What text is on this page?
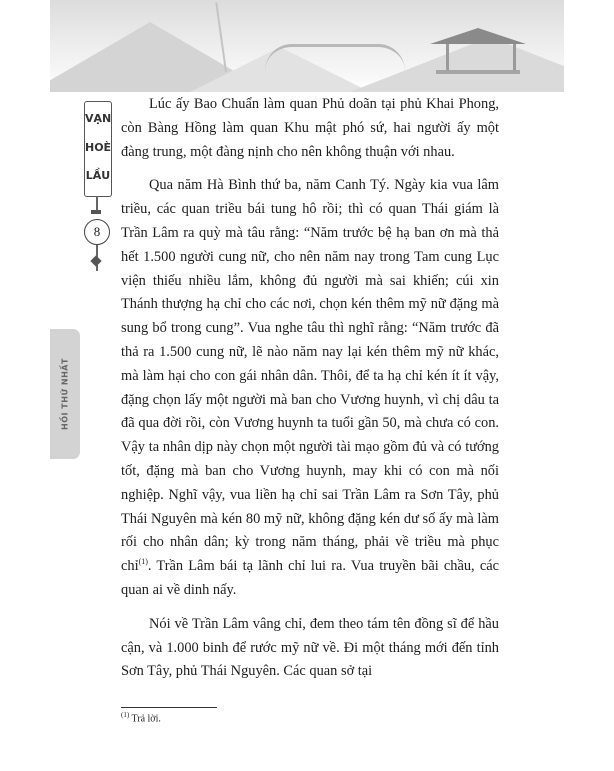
VẠN
HOÈ
LẦU
8
HỒI THỨ NHẤT

Lúc ấy Bao Chuẩn làm quan Phủ doãn tại phủ Khai Phong, còn Bàng Hồng làm quan Khu mật phó sứ, hai người ấy một đàng trung, một đàng nịnh cho nên không thuận với nhau.

Qua năm Hà Bình thứ ba, năm Canh Tý. Ngày kia vua lâm triều, các quan triều bái tung hô rồi; thì có quan Thái giám là Trần Lâm ra quỳ mà tâu rằng: “Năm trước bệ hạ ban ơn mà thả hết 1.500 người cung nữ, cho nên năm nay trong Tam cung Lục viện thiếu nhiều lắm, không đủ người mà sai khiến; cúi xin Thánh thượng hạ chỉ cho các nơi, chọn kén thêm mỹ nữ đặng mà sung bổ trong cung”. Vua nghe tâu thì nghĩ rằng: “Năm trước đã thả ra 1.500 cung nữ, lẽ nào năm nay lại kén thêm mỹ nữ khác, mà làm hại cho con gái nhân dân. Thôi, để ta hạ chỉ kén ít ít vậy, đặng chọn lấy một người mà ban cho Vương huynh, vì chị dâu ta đã qua đời rồi, còn Vương huynh ta tuổi gần 50, mà chưa có con. Vậy ta nhân dịp này chọn một người tài mạo gồm đủ và có tướng tốt, đặng mà ban cho Vương huynh, may khi có con mà nối nghiệp. Nghĩ vậy, vua liền hạ chỉ sai Trần Lâm ra Sơn Tây, phủ Thái Nguyên mà kén 80 mỹ nữ, không đặng kén dư số ấy mà làm rối cho nhân dân; kỳ trong năm tháng, phải về triều mà phục chỉ$^{(1)}$. Trần Lâm bái tạ lãnh chỉ lui ra. Vua truyền bãi chầu, các quan ai về dinh nấy.

Nói về Trần Lâm vâng chỉ, đem theo tám tên đồng sĩ để hầu cận, và 1.000 binh để rước mỹ nữ về. Đi một tháng mới đến tỉnh Sơn Tây, phủ Thái Nguyên. Các quan sở tại

$^{(1)}$ Trả lời.
